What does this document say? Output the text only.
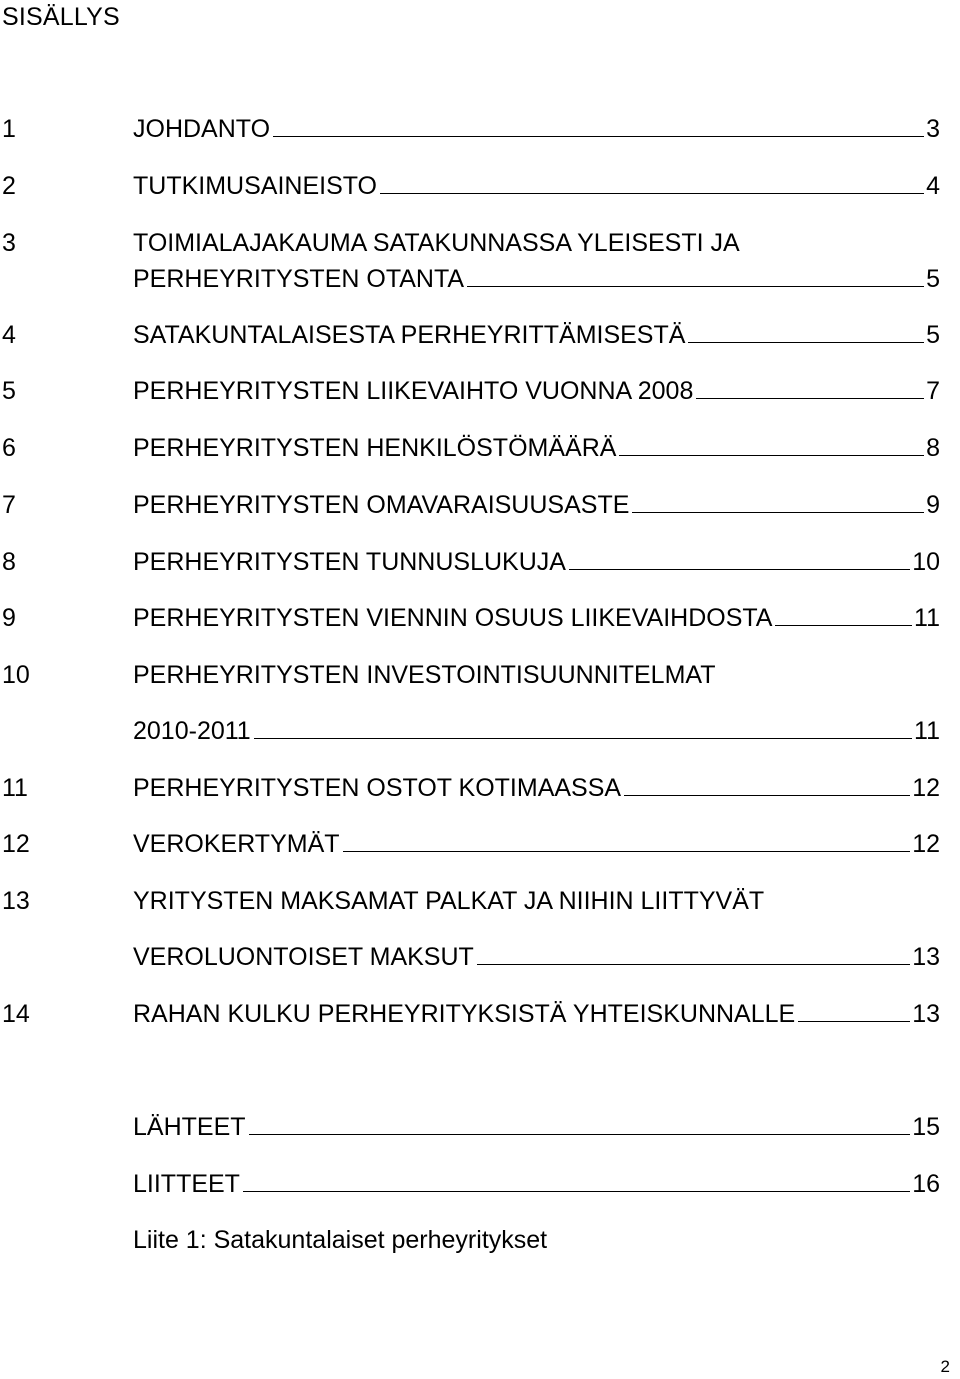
SISÄLLYS
1	JOHDANTO	3
2	TUTKIMUSAINEISTO	4
3	TOIMIALAJAKAUMA SATAKUNNASSA YLEISESTI JA
PERHEYRITYSTEN OTANTA	5
4	SATAKUNTALAISESTA PERHEYRITTÄMISESTÄ	5
5	PERHEYRITYSTEN LIIKEVAIHTO VUONNA 2008	7
6	PERHEYRITYSTEN HENKILÖSTÖMÄÄRÄ	8
7	PERHEYRITYSTEN OMAVARAISUUSASTE	9
8	PERHEYRITYSTEN TUNNUSLUKUJA	10
9	PERHEYRITYSTEN VIENNIN OSUUS LIIKEVAIHDOSTA	11
10	PERHEYRITYSTEN INVESTOINTISUUNNITELMAT
2010-2011	11
11	PERHEYRITYSTEN OSTOT KOTIMAASSA	12
12	VEROKERTYMÄT	12
13	YRITYSTEN MAKSAMAT PALKAT JA NIIHIN LIITTYVÄT
VEROLUONTOISET MAKSUT	13
14	RAHAN KULKU PERHEYRITYKSISTÄ YHTEISKUNNALLE	13
LÄHTEET	15
LIITTEET	16
Liite 1: Satakuntalaiset perheyritykset
2
